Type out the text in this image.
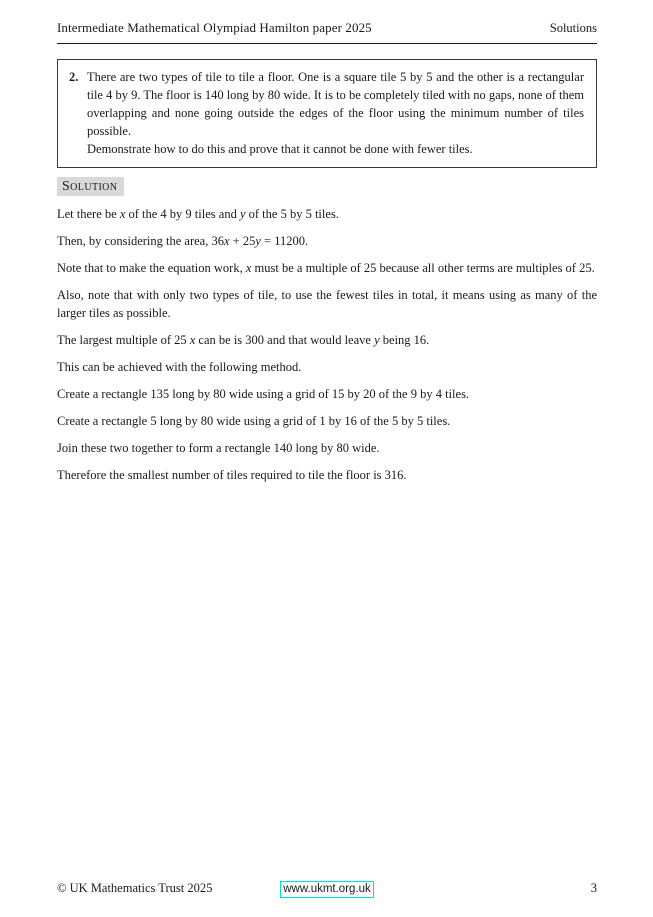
Intermediate Mathematical Olympiad Hamilton paper 2025	Solutions
2. There are two types of tile to tile a floor. One is a square tile 5 by 5 and the other is a rectangular tile 4 by 9. The floor is 140 long by 80 wide. It is to be completely tiled with no gaps, none of them overlapping and none going outside the edges of the floor using the minimum number of tiles possible.
Demonstrate how to do this and prove that it cannot be done with fewer tiles.
Solution

Let there be x of the 4 by 9 tiles and y of the 5 by 5 tiles.

Then, by considering the area, 36x + 25y = 11200.

Note that to make the equation work, x must be a multiple of 25 because all other terms are multiples of 25.

Also, note that with only two types of tile, to use the fewest tiles in total, it means using as many of the larger tiles as possible.

The largest multiple of 25 x can be is 300 and that would leave y being 16.

This can be achieved with the following method.

Create a rectangle 135 long by 80 wide using a grid of 15 by 20 of the 9 by 4 tiles.

Create a rectangle 5 long by 80 wide using a grid of 1 by 16 of the 5 by 5 tiles.

Join these two together to form a rectangle 140 long by 80 wide.

Therefore the smallest number of tiles required to tile the floor is 316.

© UK Mathematics Trust 2025	www.ukmt.org.uk	3
